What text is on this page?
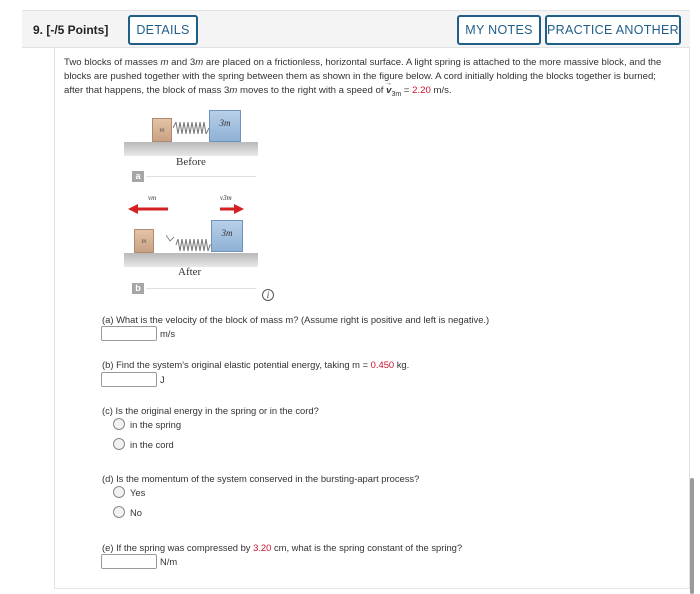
9. [-/5 Points]	DETAILS	MY NOTES	PRACTICE ANOTHER
Two blocks of masses m and 3m are placed on a frictionless, horizontal surface. A light spring is attached to the more massive block, and the blocks are pushed together with the spring between them as shown in the figure below. A cord initially holding the blocks together is burned; after that happens, the block of mass 3m moves to the right with a speed of → $v_{3m} = 2.20$ m/s.
m
3m
Before
a
vm	v3m
m
3m
After
b
i
(a) What is the velocity of the block of mass m? (Assume right is positive and left is negative.)
m/s
(b) Find the system's original elastic potential energy, taking m = 0.450 kg.
J
(c) Is the original energy in the spring or in the cord?
in the spring
in the cord
(d) Is the momentum of the system conserved in the bursting-apart process?
Yes
No
(e) If the spring was compressed by 3.20 cm, what is the spring constant of the spring?
N/m
